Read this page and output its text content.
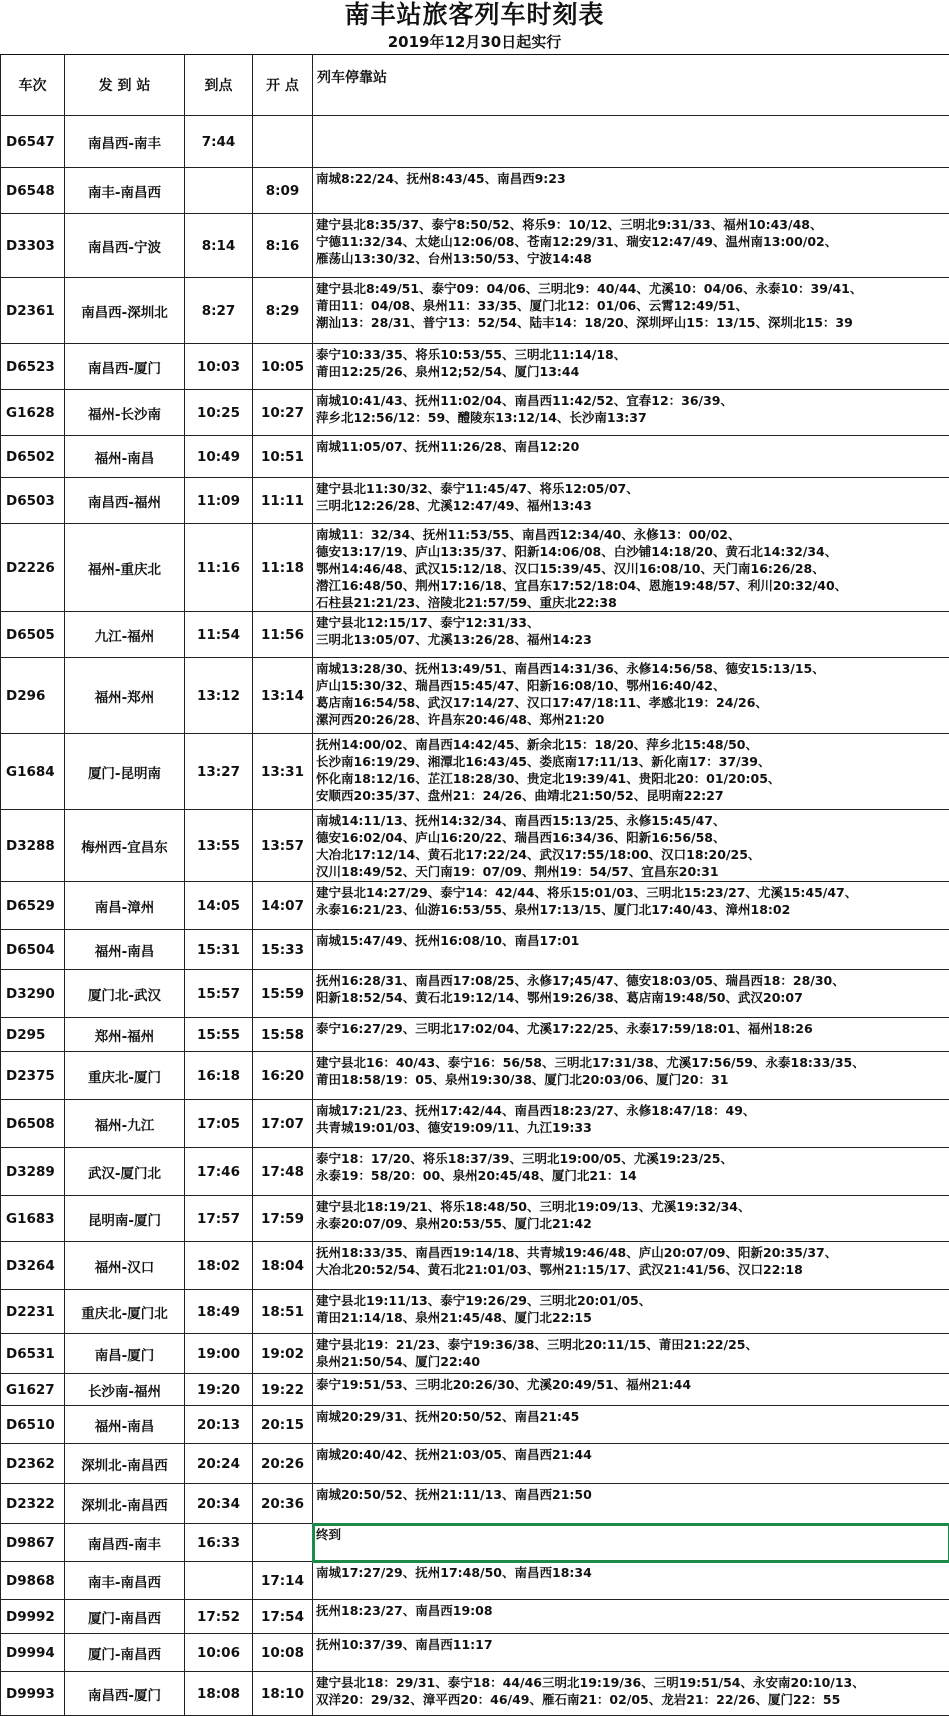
南丰站旅客列车时刻表
2019年12月30日起实行
车次	发 到 站	到点	开 点	列车停靠站
D6547	南昌西-南丰	7:44		
D6548	南丰-南昌西		8:09	南城8:22/24、抚州8:43/45、南昌西9:23
D3303	南昌西-宁波	8:14	8:16	建宁县北8:35/37、泰宁8:50/52、将乐9：10/12、三明北9:31/33、福州10:43/48、
宁德11:32/34、太姥山12:06/08、苍南12:29/31、瑞安12:47/49、温州南13:00/02、
雁荡山13:30/32、台州13:50/53、宁波14:48
D2361	南昌西-深圳北	8:27	8:29	建宁县北8:49/51、泰宁09：04/06、三明北9：40/44、尤溪10：04/06、永泰10：39/41、
莆田11：04/08、泉州11：33/35、厦门北12：01/06、云霄12:49/51、
潮汕13：28/31、普宁13：52/54、陆丰14：18/20、深圳坪山15：13/15、深圳北15：39
D6523	南昌西-厦门	10:03	10:05	泰宁10:33/35、将乐10:53/55、三明北11:14/18、
莆田12:25/26、泉州12;52/54、厦门13:44
G1628	福州-长沙南	10:25	10:27	南城10:41/43、抚州11:02/04、南昌西11:42/52、宜春12：36/39、
萍乡北12:56/12：59、醴陵东13:12/14、长沙南13:37
D6502	福州-南昌	10:49	10:51	南城11:05/07、抚州11:26/28、南昌12:20
D6503	南昌西-福州	11:09	11:11	建宁县北11:30/32、泰宁11:45/47、将乐12:05/07、
三明北12:26/28、尤溪12:47/49、福州13:43
D2226	福州-重庆北	11:16	11:18	南城11：32/34、抚州11:53/55、南昌西12:34/40、永修13：00/02、
德安13:17/19、庐山13:35/37、阳新14:06/08、白沙铺14:18/20、黄石北14:32/34、
鄂州14:46/48、武汉15:12/18、汉口15:39/45、汉川16:08/10、天门南16:26/28、
潜江16:48/50、荆州17:16/18、宜昌东17:52/18:04、恩施19:48/57、利川20:32/40、
石柱县21:21/23、涪陵北21:57/59、重庆北22:38
D6505	九江-福州	11:54	11:56	建宁县北12:15/17、泰宁12:31/33、
三明北13:05/07、尤溪13:26/28、福州14:23
D296	福州-郑州	13:12	13:14	南城13:28/30、抚州13:49/51、南昌西14:31/36、永修14:56/58、德安15:13/15、
庐山15:30/32、瑞昌西15:45/47、阳新16:08/10、鄂州16:40/42、
葛店南16:54/58、武汉17:14/27、汉口17:47/18:11、孝感北19：24/26、
漯河西20:26/28、许昌东20:46/48、郑州21:20
G1684	厦门-昆明南	13:27	13:31	抚州14:00/02、南昌西14:42/45、新余北15：18/20、萍乡北15:48/50、
长沙南16:19/29、湘潭北16:43/45、娄底南17:11/13、新化南17：37/39、
怀化南18:12/16、芷江18:28/30、贵定北19:39/41、贵阳北20：01/20:05、
安顺西20:35/37、盘州21：24/26、曲靖北21:50/52、昆明南22:27
D3288	梅州西-宜昌东	13:55	13:57	南城14:11/13、抚州14:32/34、南昌西15:13/25、永修15:45/47、
德安16:02/04、庐山16:20/22、瑞昌西16:34/36、阳新16:56/58、
大冶北17:12/14、黄石北17:22/24、武汉17:55/18:00、汉口18:20/25、
汉川18:49/52、天门南19：07/09、荆州19：54/57、宜昌东20:31
D6529	南昌-漳州	14:05	14:07	建宁县北14:27/29、泰宁14：42/44、将乐15:01/03、三明北15:23/27、尤溪15:45/47、
永泰16:21/23、仙游16:53/55、泉州17:13/15、厦门北17:40/43、漳州18:02
D6504	福州-南昌	15:31	15:33	南城15:47/49、抚州16:08/10、南昌17:01
D3290	厦门北-武汉	15:57	15:59	抚州16:28/31、南昌西17:08/25、永修17;45/47、德安18:03/05、瑞昌西18：28/30、
阳新18:52/54、黄石北19:12/14、鄂州19:26/38、葛店南19:48/50、武汉20:07
D295	郑州-福州	15:55	15:58	泰宁16:27/29、三明北17:02/04、尤溪17:22/25、永泰17:59/18:01、福州18:26
D2375	重庆北-厦门	16:18	16:20	建宁县北16：40/43、泰宁16：56/58、三明北17:31/38、尤溪17:56/59、永泰18:33/35、
莆田18:58/19：05、泉州19:30/38、厦门北20:03/06、厦门20：31
D6508	福州-九江	17:05	17:07	南城17:21/23、抚州17:42/44、南昌西18:23/27、永修18:47/18：49、
共青城19:01/03、德安19:09/11、九江19:33
D3289	武汉-厦门北	17:46	17:48	泰宁18：17/20、将乐18:37/39、三明北19:00/05、尤溪19:23/25、
永泰19：58/20：00、泉州20:45/48、厦门北21：14
G1683	昆明南-厦门	17:57	17:59	建宁县北18:19/21、将乐18:48/50、三明北19:09/13、尤溪19:32/34、
永泰20:07/09、泉州20:53/55、厦门北21:42
D3264	福州-汉口	18:02	18:04	抚州18:33/35、南昌西19:14/18、共青城19:46/48、庐山20:07/09、阳新20:35/37、
大冶北20:52/54、黄石北21:01/03、鄂州21:15/17、武汉21:41/56、汉口22:18
D2231	重庆北-厦门北	18:49	18:51	建宁县北19:11/13、泰宁19:26/29、三明北20:01/05、
莆田21:14/18、泉州21:45/48、厦门北22:15
D6531	南昌-厦门	19:00	19:02	建宁县北19：21/23、泰宁19:36/38、三明北20:11/15、莆田21:22/25、
泉州21:50/54、厦门22:40
G1627	长沙南-福州	19:20	19:22	泰宁19:51/53、三明北20:26/30、尤溪20:49/51、福州21:44
D6510	福州-南昌	20:13	20:15	南城20:29/31、抚州20:50/52、南昌21:45
D2362	深圳北-南昌西	20:24	20:26	南城20:40/42、抚州21:03/05、南昌西21:44
D2322	深圳北-南昌西	20:34	20:36	南城20:50/52、抚州21:11/13、南昌西21:50
D9867	南昌西-南丰	16:33		终到
D9868	南丰-南昌西		17:14	南城17:27/29、抚州17:48/50、南昌西18:34
D9992	厦门-南昌西	17:52	17:54	抚州18:23/27、南昌西19:08
D9994	厦门-南昌西	10:06	10:08	抚州10:37/39、南昌西11:17
D9993	南昌西-厦门	18:08	18:10	建宁县北18：29/31、泰宁18：44/46三明北19:19/36、三明19:51/54、永安南20:10/13、
双洋20：29/32、漳平西20：46/49、雁石南21：02/05、龙岩21：22/26、厦门22：55
